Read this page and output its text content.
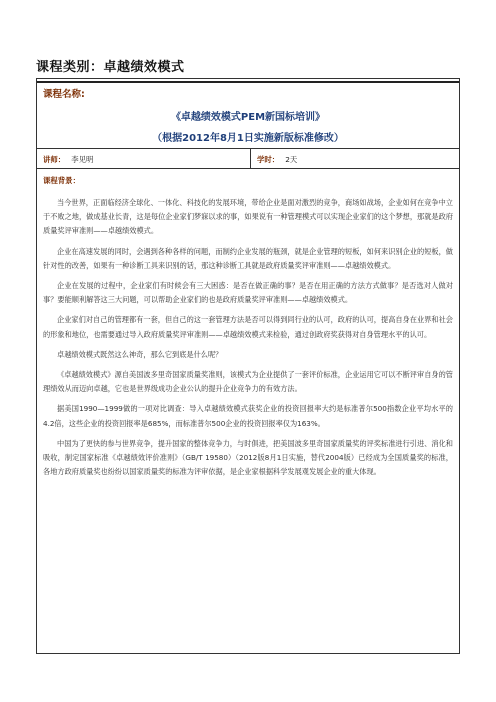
课程类别：卓越绩效模式
课程名称:
《卓越绩效模式PEM新国标培训》
（根据2012年8月1日实施新版标准修改）
讲师： 李见明	学时： 2天
课程背景：

当今世界，正面临经济全球化、一体化、科技化的发展环境，带给企业是面对激烈的竞争，商场如战场，企业如何在竞争中立于不败之地，做成基业长青，这是每位企业家们梦寐以求的事，如果说有一种管理模式可以实现企业家们的这个梦想，那就是政府质量奖评审准则——卓越绩效模式。

企业在高速发展的同时，会遇到各种各样的问题，而制约企业发展的瓶颈，就是企业管理的短板，如何来识别企业的短板，做针对性的改善，如果有一种诊断工具来识别的话，那这种诊断工具就是政府质量奖评审准则——卓越绩效模式。

企业在发展的过程中，企业家们有时候会有三大困惑：是否在做正确的事？是否在用正确的方法方式做事？是否选对人做对事？要能顺利解答这三大问题，可以帮助企业家们的也是政府质量奖评审准则——卓越绩效模式。

企业家们对自己的管理都有一套，但自己的这一套管理方法是否可以得到同行业的认可，政府的认可，提高自身在业界和社会的形象和地位，也需要通过导入政府质量奖评审准则——卓越绩效模式来检验，通过创政府奖获得对自身管理水平的认可。

卓越绩效模式既然这么神奇，那么它到底是什么呢？

《卓越绩效模式》源自美国波多里奇国家质量奖准则，该模式为企业提供了一套评价标准，企业运用它可以不断评审自身的管理绩效从而迈向卓越，它也是世界级成功企业公认的提升企业竞争力的有效方法。

据美国1990—1999做的一项对比调查：导入卓越绩效模式获奖企业的投资回报率大约是标准普尔500指数企业平均水平的4.2倍，这些企业的投资回报率是685%，而标准普尔500企业的投资回报率仅为163%。

中国为了更快的参与世界竞争，提升国家的整体竞争力，与时俱进，把美国波多里奇国家质量奖的评奖标准进行引进、消化和吸收，制定国家标准《卓越绩效评价准则》（GB/T 19580）（2012版8月1日实施，替代2004版）已经成为全国质量奖的标准，各地方政府质量奖也纷纷以国家质量奖的标准为评审依据，是企业家根据科学发展观发展企业的重大体现。
